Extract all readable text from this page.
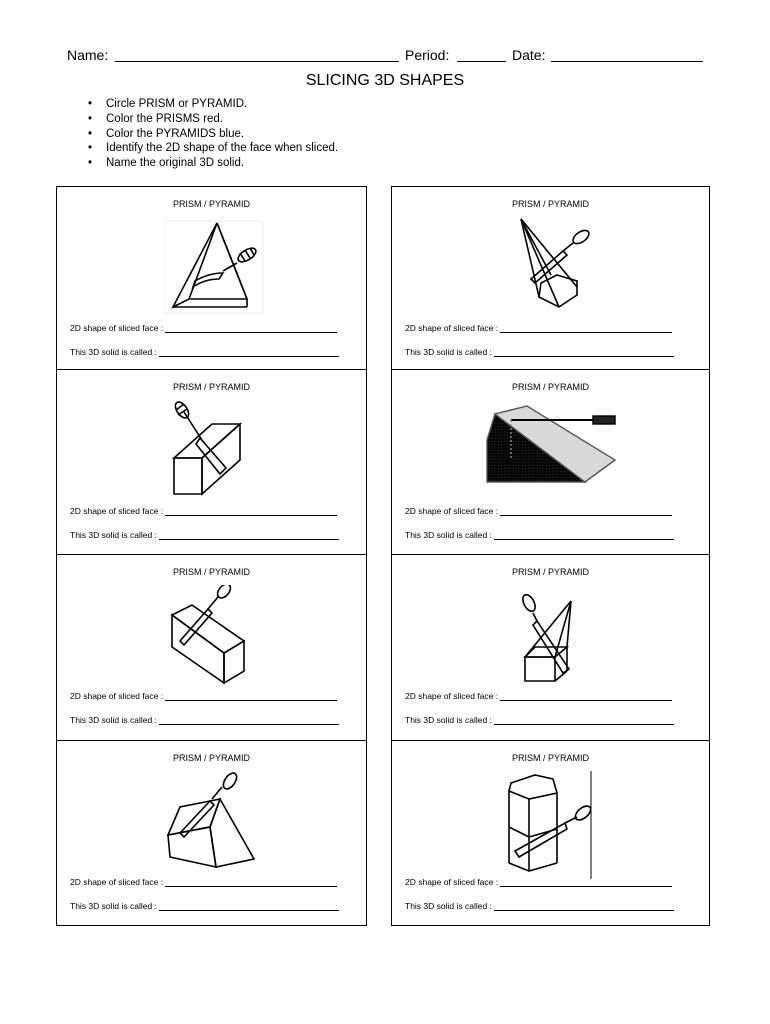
Name:	Period:	Date:
SLICING 3D SHAPES
• Circle PRISM or PYRAMID.
• Color the PRISMS red.
• Color the PYRAMIDS blue.
• Identify the 2D shape of the face when sliced.
• Name the original 3D solid.
PRISM / PYRAMID
2D shape of sliced face :
This 3D solid is called :
PRISM / PYRAMID
2D shape of sliced face :
This 3D solid is called :
PRISM / PYRAMID
2D shape of sliced face :
This 3D solid is called :
PRISM / PYRAMID
2D shape of sliced face :
This 3D solid is called :
PRISM / PYRAMID
2D shape of sliced face :
This 3D solid is called :
PRISM / PYRAMID
2D shape of sliced face :
This 3D solid is called :
PRISM / PYRAMID
2D shape of sliced face :
This 3D solid is called :
PRISM / PYRAMID
2D shape of sliced face :
This 3D solid is called :
